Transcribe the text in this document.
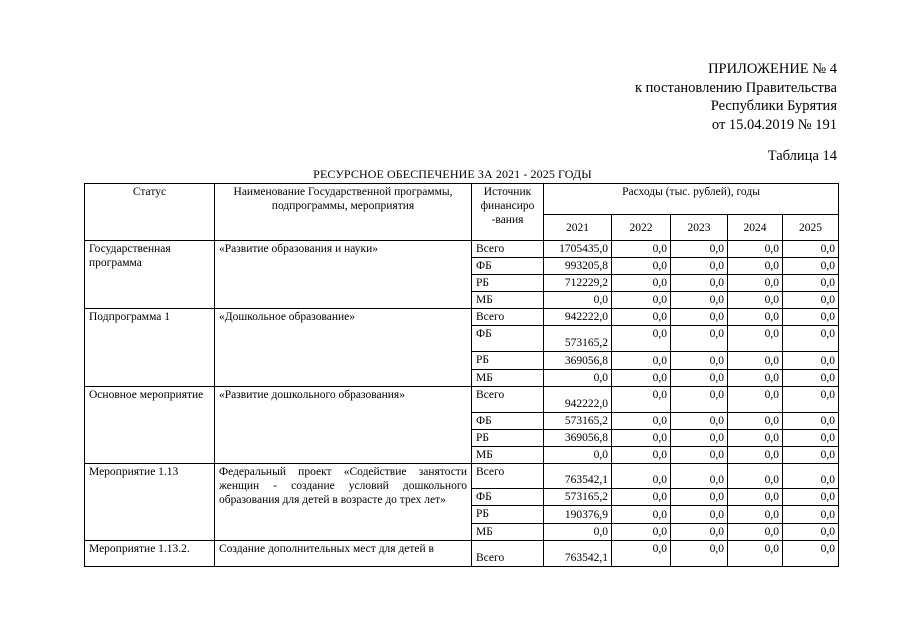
ПРИЛОЖЕНИЕ № 4
к постановлению Правительства
Республики Бурятия
от 15.04.2019 № 191
Таблица 14
РЕСУРСНОЕ ОБЕСПЕЧЕНИЕ ЗА 2021 - 2025 ГОДЫ
Статус	Наименование Государственной программы, подпрограммы, мероприятия	Источник финансиро -вания	Расходы (тыс. рублей), годы				
			2021	2022	2023	2024	2025
Государственная программа	«Развитие образования и науки»	Всего	1705435,0	0,0	0,0	0,0	0,0
		ФБ	993205,8	0,0	0,0	0,0	0,0
		РБ	712229,2	0,0	0,0	0,0	0,0
		МБ	0,0	0,0	0,0	0,0	0,0
Подпрограмма 1	«Дошкольное образование»	Всего	942222,0	0,0	0,0	0,0	0,0
		ФБ	573165,2	0,0	0,0	0,0	0,0
		РБ	369056,8	0,0	0,0	0,0	0,0
		МБ	0,0	0,0	0,0	0,0	0,0
Основное мероприятие	«Развитие дошкольного образования»	Всего	942222,0	0,0	0,0	0,0	0,0
		ФБ	573165,2	0,0	0,0	0,0	0,0
		РБ	369056,8	0,0	0,0	0,0	0,0
		МБ	0,0	0,0	0,0	0,0	0,0
Мероприятие 1.13	Федеральный проект «Содействие занятости женщин - создание условий дошкольного образования для детей в возрасте до трех лет»	Всего	763542,1	0,0	0,0	0,0	0,0
		ФБ	573165,2	0,0	0,0	0,0	0,0
		РБ	190376,9	0,0	0,0	0,0	0,0
		МБ	0,0	0,0	0,0	0,0	0,0
Мероприятие 1.13.2.	Создание дополнительных мест для детей в	Всего	763542,1	0,0	0,0	0,0	0,0
